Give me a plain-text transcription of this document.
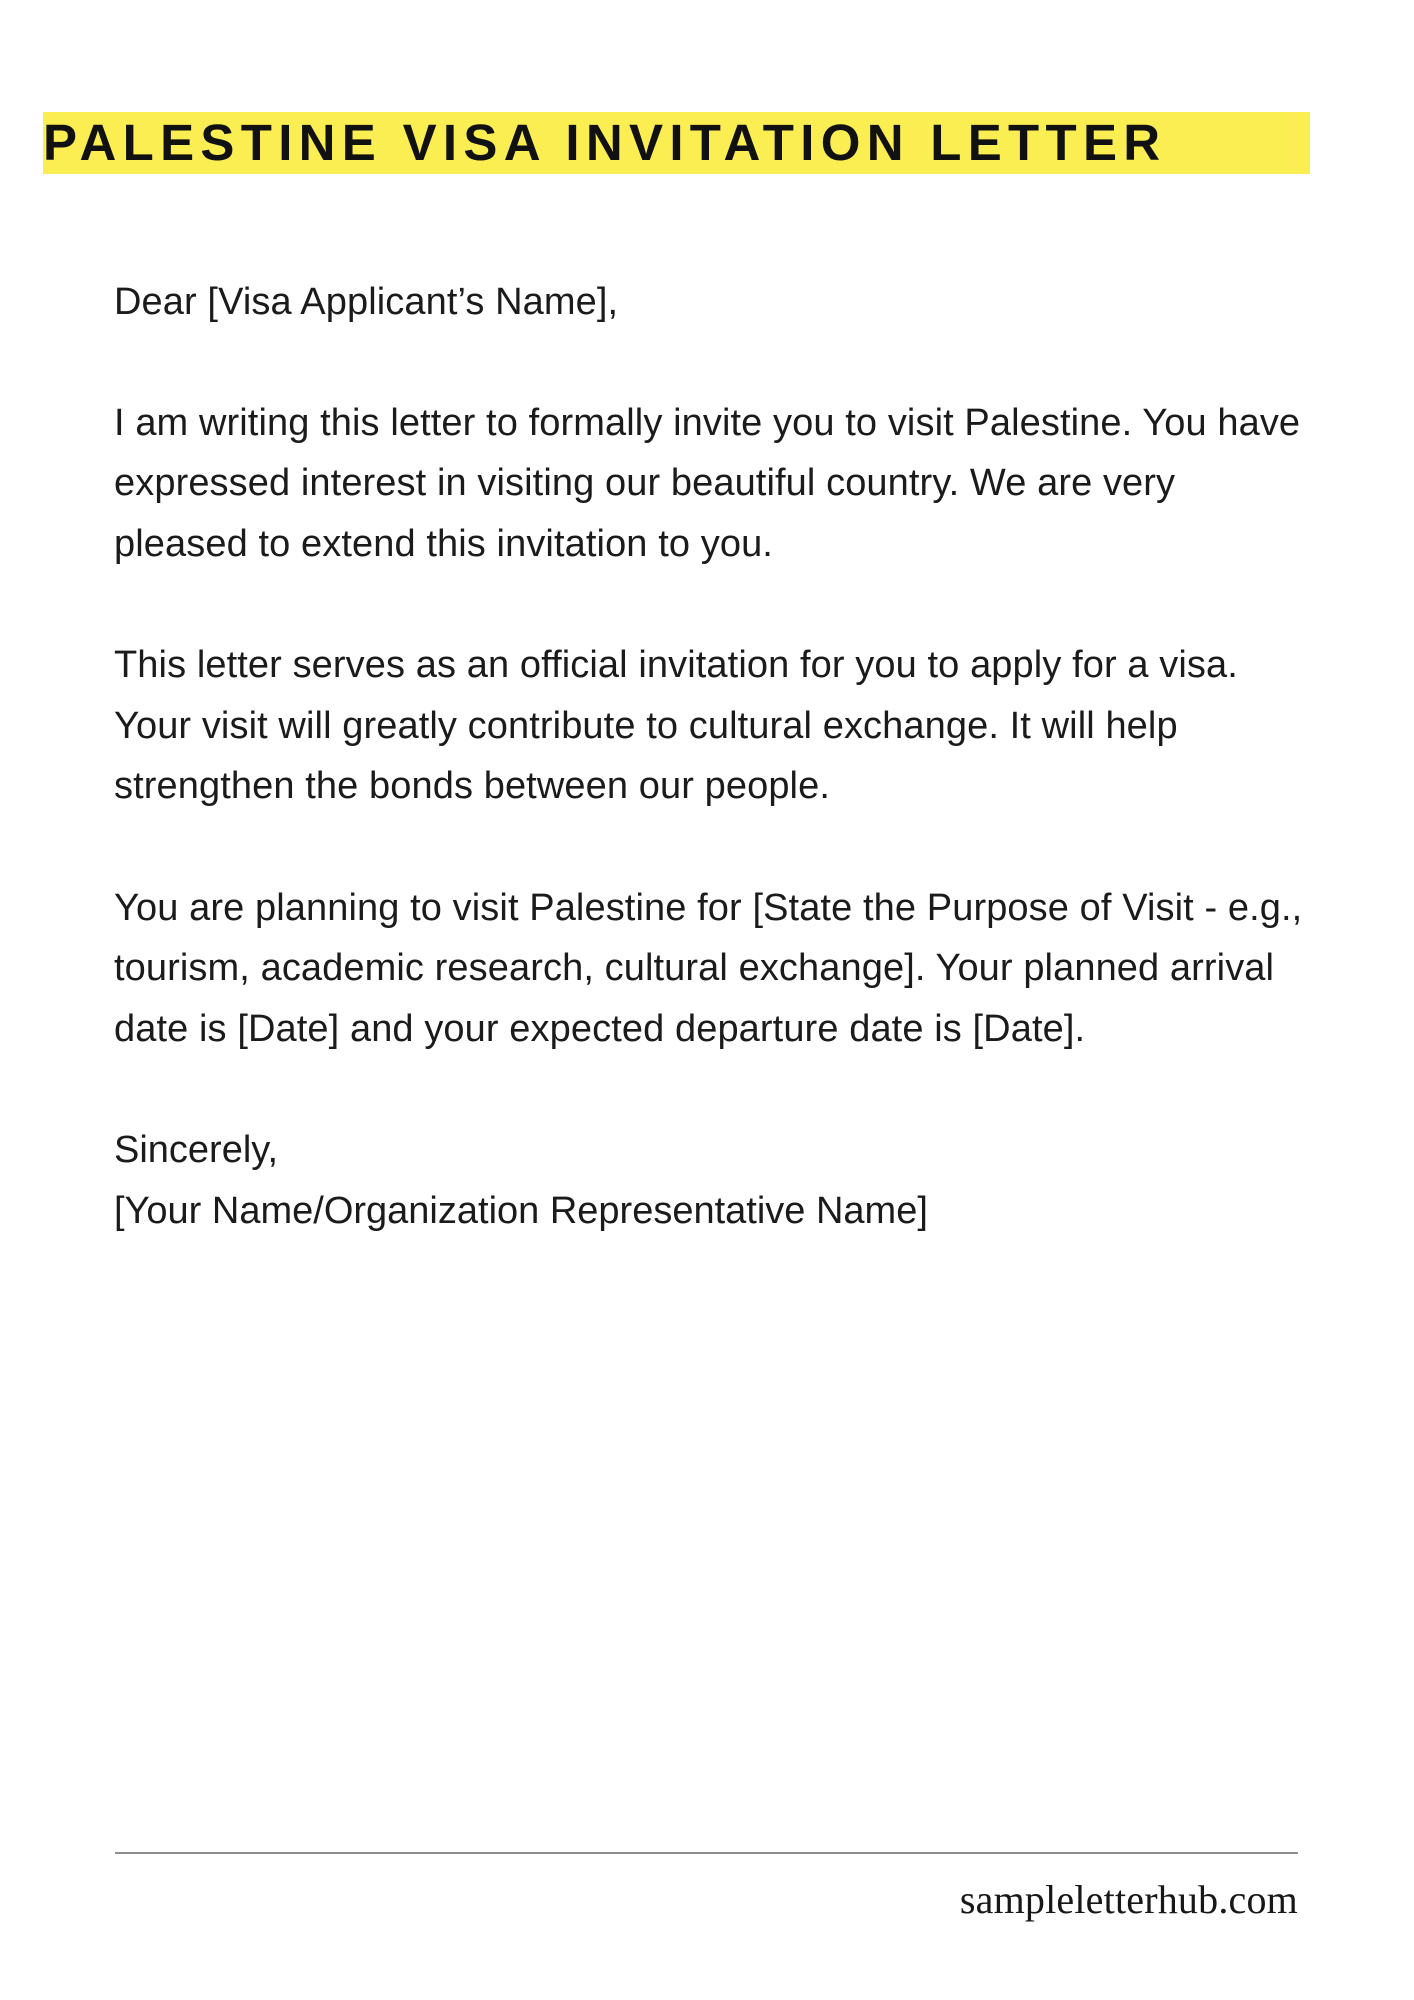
PALESTINE VISA INVITATION LETTER

Dear [Visa Applicant’s Name],

I am writing this letter to formally invite you to visit Palestine. You have expressed interest in visiting our beautiful country. We are very pleased to extend this invitation to you.

This letter serves as an official invitation for you to apply for a visa. Your visit will greatly contribute to cultural exchange. It will help strengthen the bonds between our people.

You are planning to visit Palestine for [State the Purpose of Visit - e.g., tourism, academic research, cultural exchange]. Your planned arrival date is [Date] and your expected departure date is [Date].

Sincerely,

[Your Name/Organization Representative Name]

sampleletterhub.com
